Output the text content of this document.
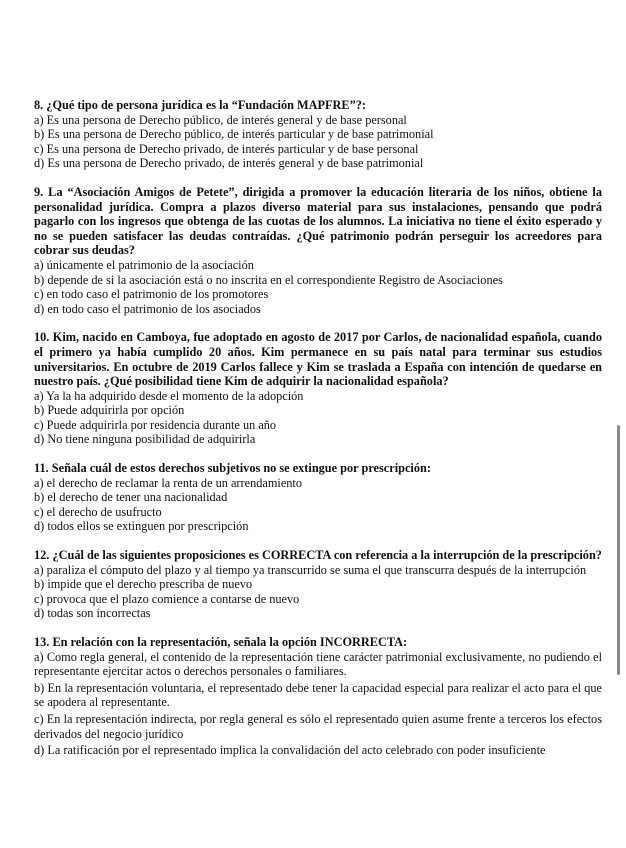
8. ¿Qué tipo de persona jurídica es la “Fundación MAPFRE”?:

a) Es una persona de Derecho público, de interés general y de base personal

b) Es una persona de Derecho público, de interés particular y de base patrimonial

c) Es una persona de Derecho privado, de interés particular y de base personal

d) Es una persona de Derecho privado, de interés general y de base patrimonial

9. La “Asociación Amigos de Petete”, dirigida a promover la educación literaria de los niños, obtiene la personalidad jurídica. Compra a plazos diverso material para sus instalaciones, pensando que podrá pagarlo con los ingresos que obtenga de las cuotas de los alumnos. La iniciativa no tiene el éxito esperado y no se pueden satisfacer las deudas contraídas. ¿Qué patrimonio podrán perseguir los acreedores para cobrar sus deudas?

a) únicamente el patrimonio de la asociación

b) depende de si la asociación está o no inscrita en el correspondiente Registro de Asociaciones

c) en todo caso el patrimonio de los promotores

d) en todo caso el patrimonio de los asociados

10. Kim, nacido en Camboya, fue adoptado en agosto de 2017 por Carlos, de nacionalidad española, cuando el primero ya había cumplido 20 años. Kim permanece en su país natal para terminar sus estudios universitarios. En octubre de 2019 Carlos fallece y Kim se traslada a España con intención de quedarse en nuestro país. ¿Qué posibilidad tiene Kim de adquirir la nacionalidad española?

a) Ya la ha adquirido desde el momento de la adopción

b) Puede adquirirla por opción

c) Puede adquirirla por residencia durante un año

d) No tiene ninguna posibilidad de adquirirla

11. Señala cuál de estos derechos subjetivos no se extingue por prescripción:

a) el derecho de reclamar la renta de un arrendamiento

b) el derecho de tener una nacionalidad

c) el derecho de usufructo

d) todos ellos se extinguen por prescripción

12. ¿Cuál de las siguientes proposiciones es CORRECTA con referencia a la interrupción de la prescripción?

a) paraliza el cómputo del plazo y al tiempo ya transcurrido se suma el que transcurra después de la interrupción

b) impide que el derecho prescriba de nuevo

c) provoca que el plazo comience a contarse de nuevo

d) todas son incorrectas

13. En relación con la representación, señala la opción INCORRECTA:

a) Como regla general, el contenido de la representación tiene carácter patrimonial exclusivamente, no pudiendo el representante ejercitar actos o derechos personales o familiares.

b) En la representación voluntaria, el representado debe tener la capacidad especial para realizar el acto para el que se apodera al representante.

c) En la representación indirecta, por regla general es sólo el representado quien asume frente a terceros los efectos derivados del negocio jurídico

d) La ratificación por el representado implica la convalidación del acto celebrado con poder insuficiente
